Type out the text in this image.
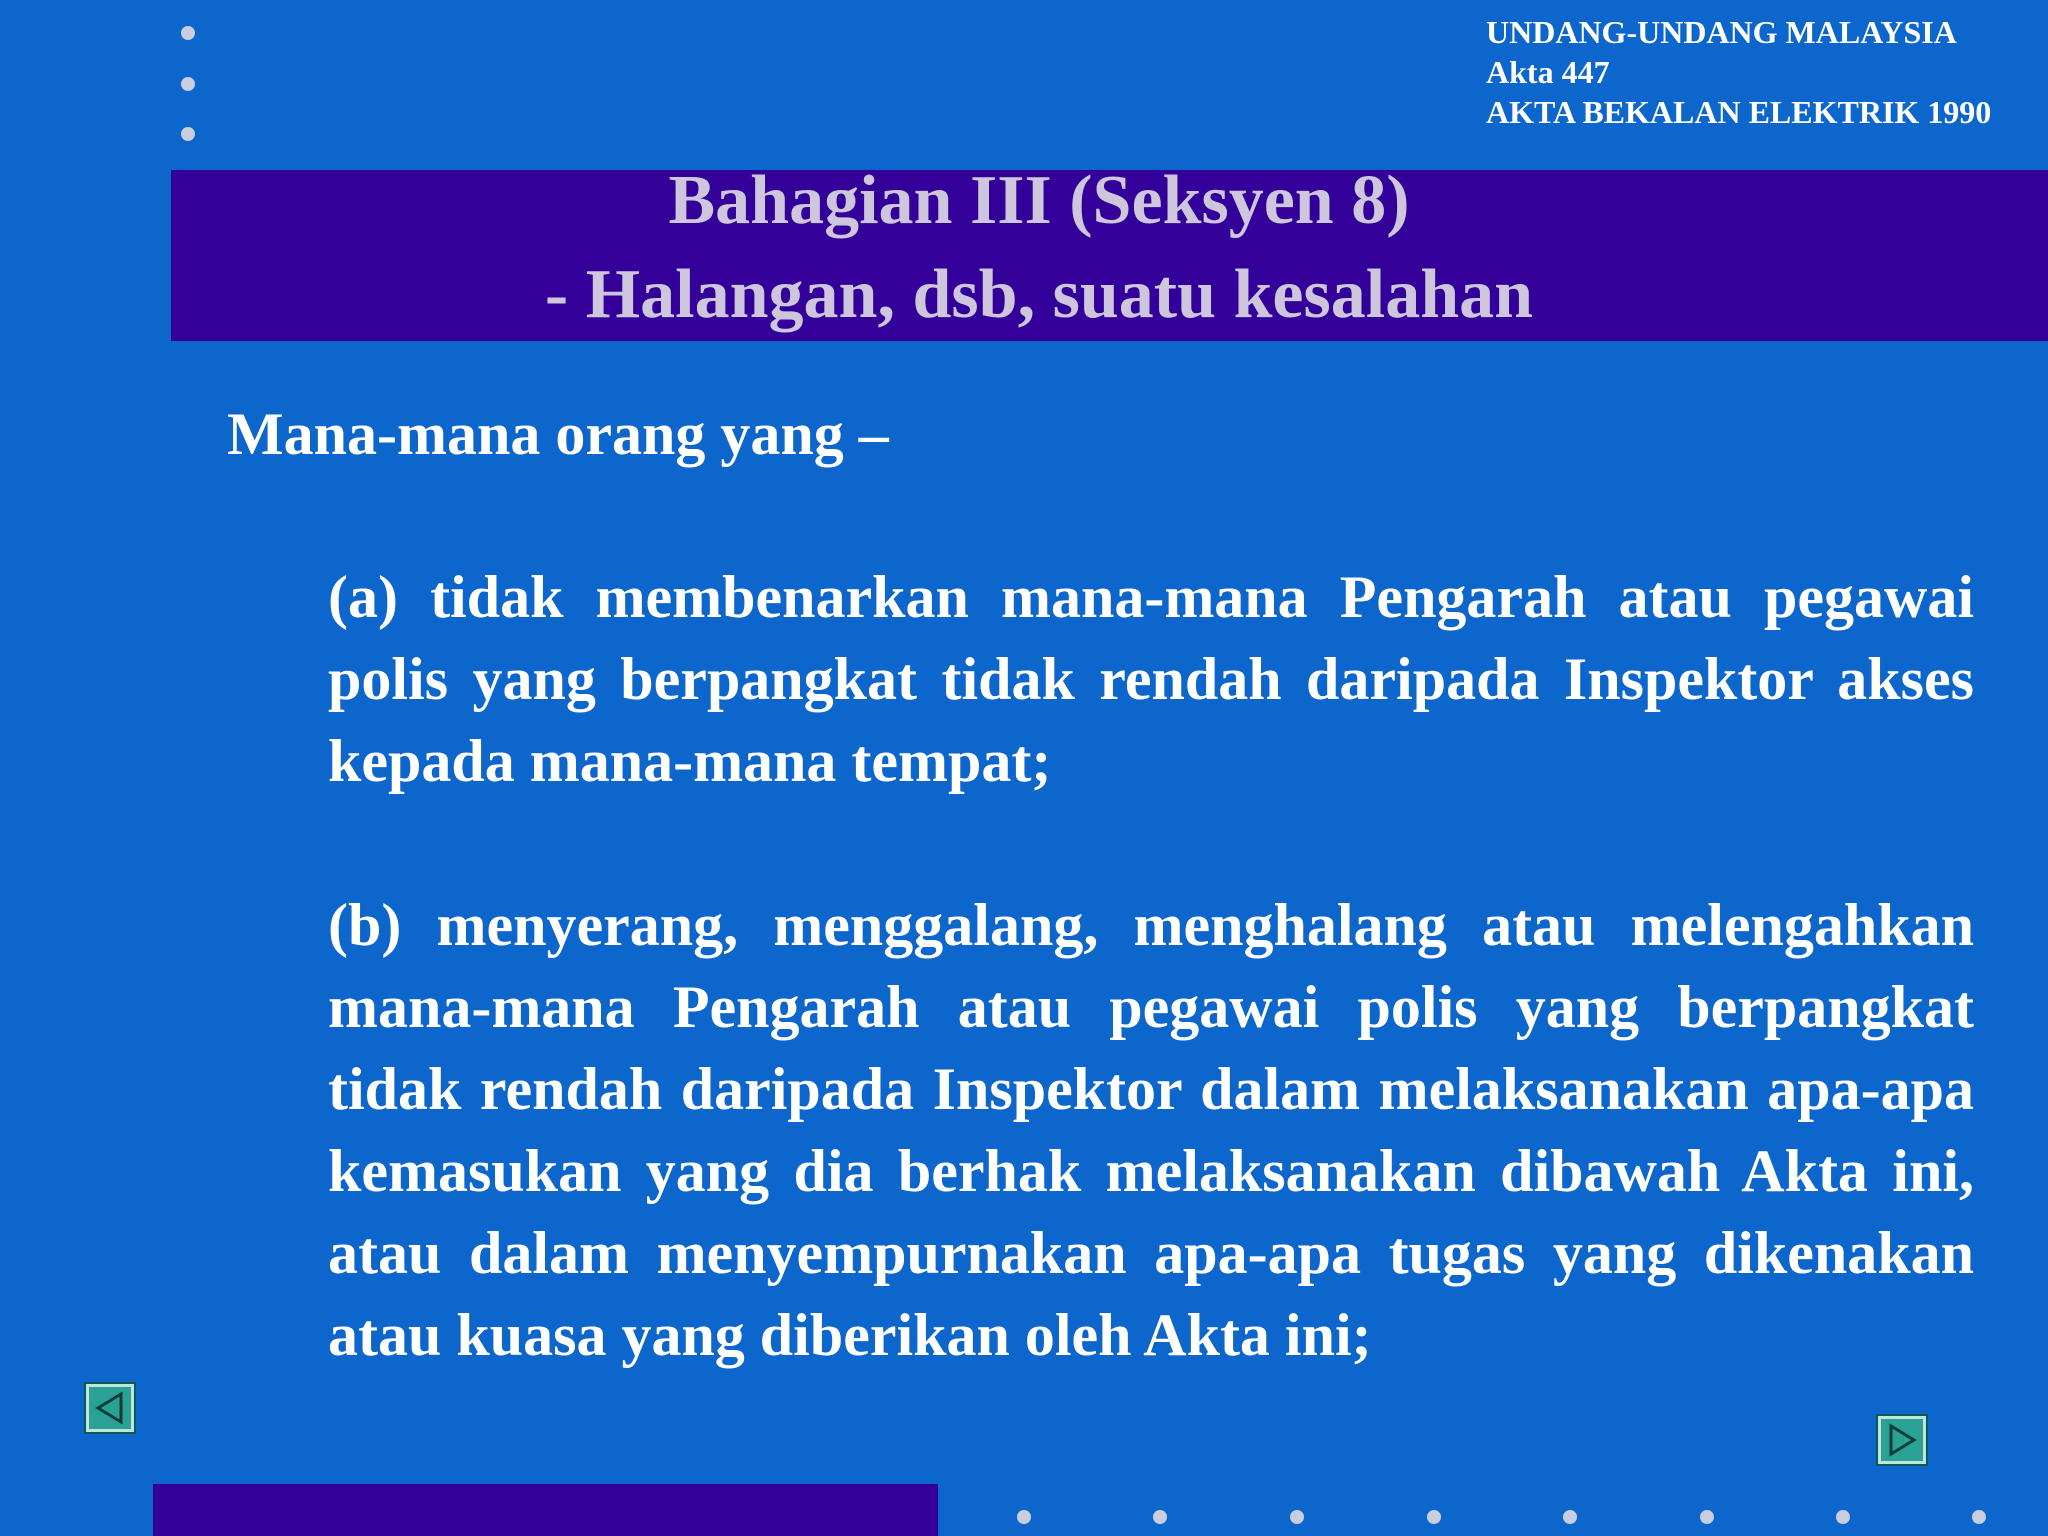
UNDANG-UNDANG MALAYSIA
Akta 447
AKTA BEKALAN ELEKTRIK 1990
Bahagian III (Seksyen 8)
- Halangan, dsb, suatu kesalahan
Mana-mana orang yang –
(a) tidak membenarkan mana-mana Pengarah atau pegawai polis yang berpangkat tidak rendah daripada Inspektor akses kepada mana-mana tempat;
(b) menyerang, menggalang, menghalang atau melengahkan mana-mana Pengarah atau pegawai polis yang berpangkat tidak rendah daripada Inspektor dalam melaksanakan apa-apa kemasukan yang dia berhak melaksanakan dibawah Akta ini, atau dalam menyempurnakan apa-apa tugas yang dikenakan atau kuasa yang diberikan oleh Akta ini;
